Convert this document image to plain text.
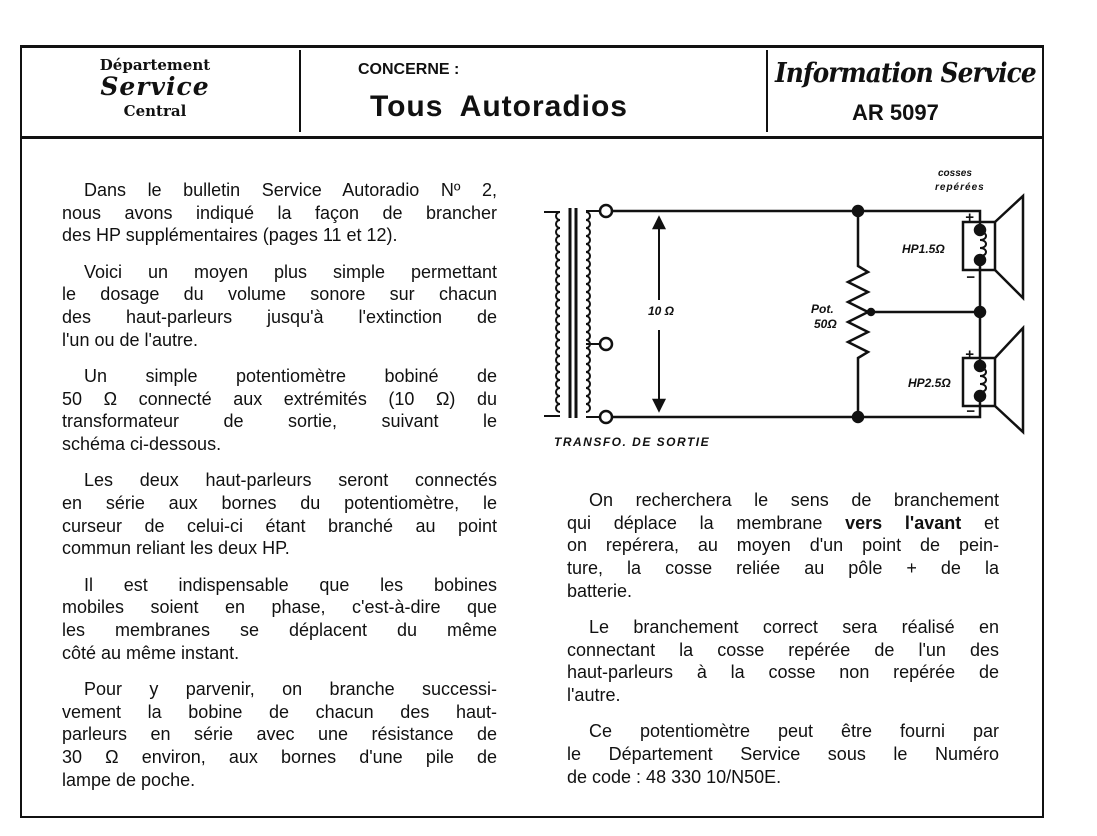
Département
Service
Central
CONCERNE :
Tous Autoradios
Information Service
AR 5097

Dans le bulletin Service Autoradio Nº 2,
nous avons indiqué la façon de brancher
des HP supplémentaires (pages 11 et 12).

Voici un moyen plus simple permettant
le dosage du volume sonore sur chacun
des haut-parleurs jusqu'à l'extinction de
l'un ou de l'autre.

Un simple potentiomètre bobiné de
50 Ω connecté aux extrémités (10 Ω) du
transformateur de sortie, suivant le
schéma ci-dessous.

Les deux haut-parleurs seront connectés
en série aux bornes du potentiomètre, le
curseur de celui-ci étant branché au point
commun reliant les deux HP.

Il est indispensable que les bobines
mobiles soient en phase, c'est-à-dire que
les membranes se déplacent du même
côté au même instant.

Pour y parvenir, on branche successi-
vement la bobine de chacun des haut-
parleurs en série avec une résistance de
30 Ω environ, aux bornes d'une pile de
lampe de poche.

On recherchera le sens de branchement
qui déplace la membrane vers l'avant et
on repérera, au moyen d'un point de pein-
ture, la cosse reliée au pôle + de la
batterie.

Le branchement correct sera réalisé en
connectant la cosse repérée de l'un des
haut-parleurs à la cosse non repérée de
l'autre.

Ce potentiomètre peut être fourni par
le Département Service sous le Numéro
de code : 48 330 10/N50E.

cosses
repérées
10 Ω	Pot.
50Ω
HP1.5Ω
HP2.5Ω
+
−
+
−
TRANSFO. DE SORTIE
